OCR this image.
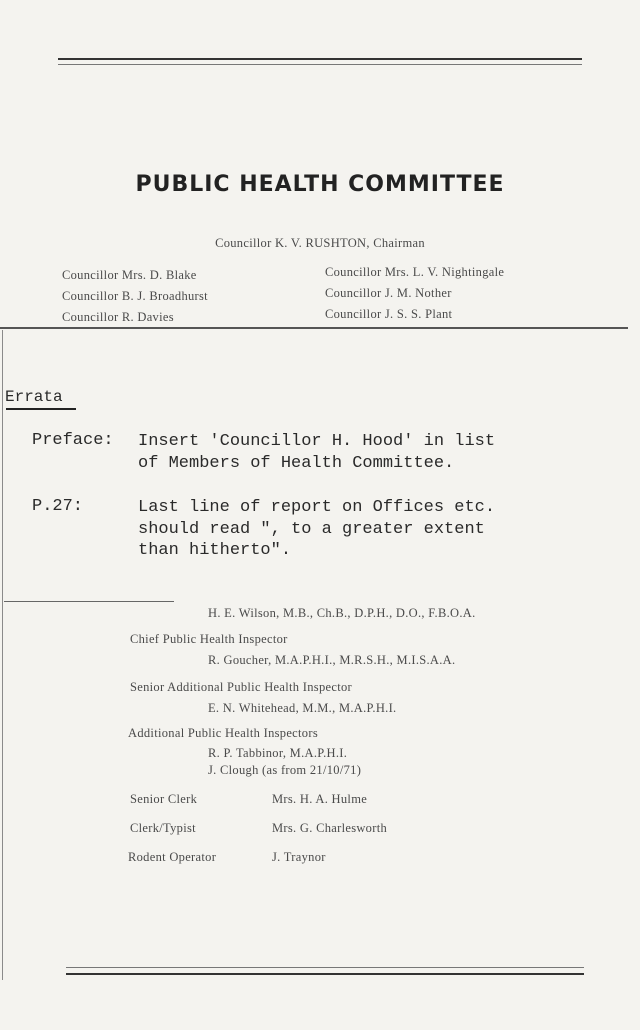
PUBLIC HEALTH COMMITTEE
Councillor K. V. RUSHTON, Chairman
Councillor Mrs. D. Blake
Councillor B. J. Broadhurst
Councillor R. Davies
Councillor Mrs. L. V. Nightingale
Councillor J. M. Nother
Councillor J. S. S. Plant
Errata
Preface: Insert 'Councillor H. Hood' in list
of Members of Health Committee.
P.27:	Last line of report on Offices etc.
should read ", to a greater extent
than hitherto".
H. E. Wilson, M.B., Ch.B., D.P.H., D.O., F.B.O.A.
Chief Public Health Inspector
R. Goucher, M.A.P.H.I., M.R.S.H., M.I.S.A.A.
Senior Additional Public Health Inspector
E. N. Whitehead, M.M., M.A.P.H.I.
Additional Public Health Inspectors
R. P. Tabbinor, M.A.P.H.I.
J. Clough (as from 21/10/71)
Senior Clerk	Mrs. H. A. Hulme
Clerk/Typist	Mrs. G. Charlesworth
Rodent Operator	J. Traynor
